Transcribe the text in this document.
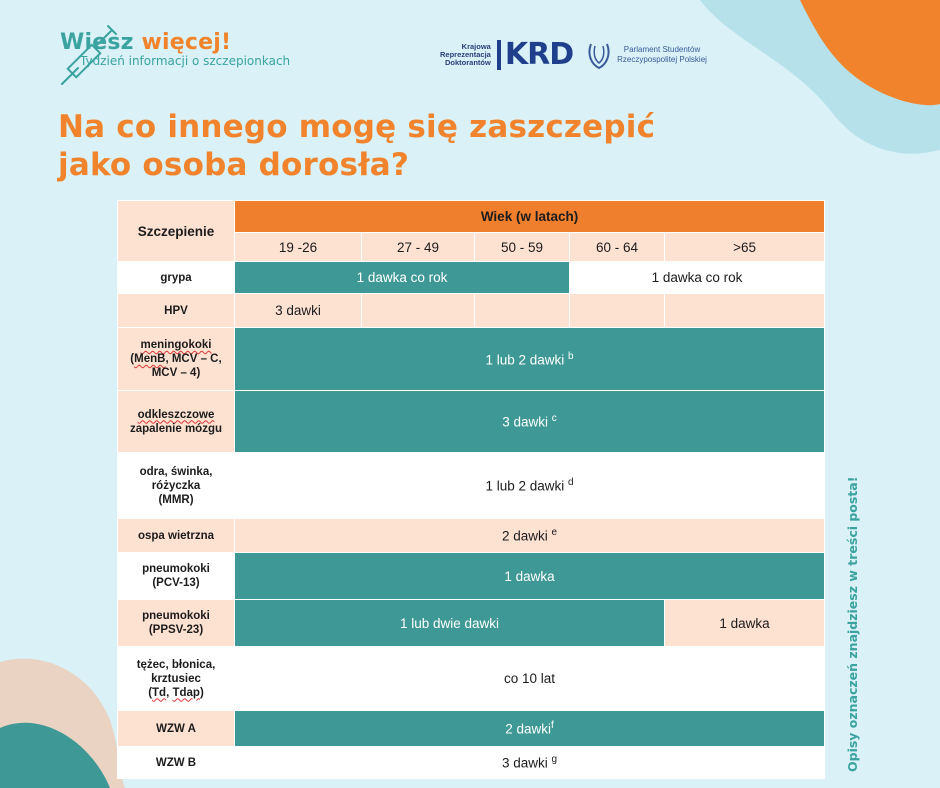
Wiesz więcej!
Tydzień informacji o szczepionkach
Krajowa
Reprezentacja
Doktorantów KRD	Parlament Studentów
Rzeczypospolitej Polskiej
Na co innego mogę się zaszczepić
jako osoba dorosła?
Szczepienie	Wiek (w latach)				
	19 -26	27 - 49	50 - 59	60 - 64	>65
grypa	1 dawka co rok			1 dawka co rok	
HPV	3 dawki				
meningokoki
(MenB, MCV – C,
MCV – 4)	1 lub 2 dawki $^b$
odkleszczowe
zapalenie mózgu	3 dawki $^c$
odra, świnka,
różyczka
(MMR)	1 lub 2 dawki $^d$
ospa wietrzna	2 dawki $^e$
pneumokoki
(PCV-13)	1 dawka				
pneumokoki
(PPSV-23)	1 lub dwie dawki				1 dawka
tężec, błonica,
krztusiec
(Td, Tdap)	co 10 lat				
WZW A	2 dawki$^f$
WZW B	3 dawki $^g$	Opisy oznaczeń znajdziesz w treści posta!
